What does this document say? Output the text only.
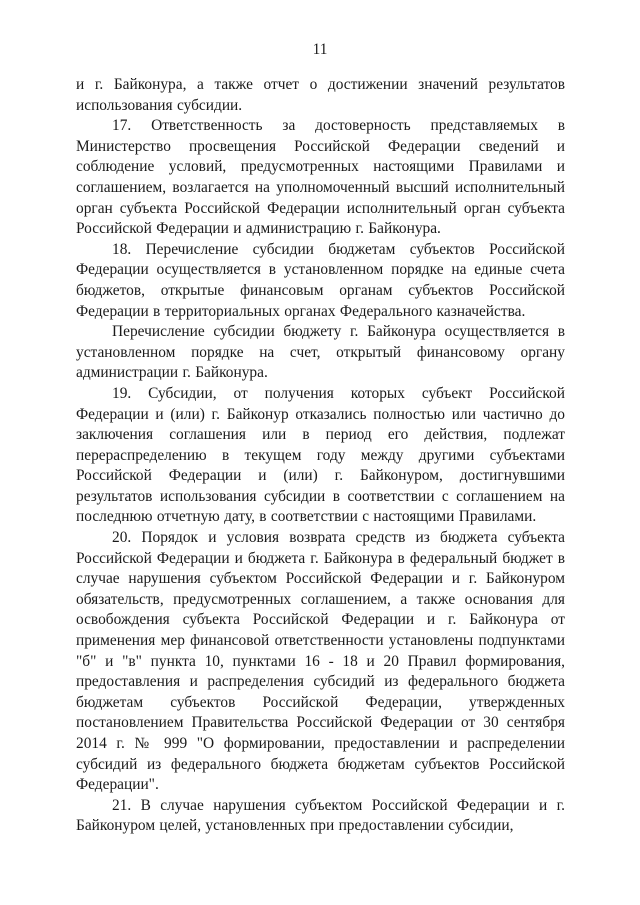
11

и г. Байконура, а также отчет о достижении значений результатов использования субсидии.

17. Ответственность за достоверность представляемых в Министерство просвещения Российской Федерации сведений и соблюдение условий, предусмотренных настоящими Правилами и соглашением, возлагается на уполномоченный высший исполнительный орган субъекта Российской Федерации исполнительный орган субъекта Российской Федерации и администрацию г. Байконура.

18. Перечисление субсидии бюджетам субъектов Российской Федерации осуществляется в установленном порядке на единые счета бюджетов, открытые финансовым органам субъектов Российской Федерации в территориальных органах Федерального казначейства.

Перечисление субсидии бюджету г. Байконура осуществляется в установленном порядке на счет, открытый финансовому органу администрации г. Байконура.

19. Субсидии, от получения которых субъект Российской Федерации и (или) г. Байконур отказались полностью или частично до заключения соглашения или в период его действия, подлежат перераспределению в текущем году между другими субъектами Российской Федерации и (или) г. Байконуром, достигнувшими результатов использования субсидии в соответствии с соглашением на последнюю отчетную дату, в соответствии с настоящими Правилами.

20. Порядок и условия возврата средств из бюджета субъекта Российской Федерации и бюджета г. Байконура в федеральный бюджет в случае нарушения субъектом Российской Федерации и г. Байконуром обязательств, предусмотренных соглашением, а также основания для освобождения субъекта Российской Федерации и г. Байконура от применения мер финансовой ответственности установлены подпунктами "б" и "в" пункта 10, пунктами 16 - 18 и 20 Правил формирования, предоставления и распределения субсидий из федерального бюджета бюджетам субъектов Российской Федерации, утвержденных постановлением Правительства Российской Федерации от 30 сентября 2014 г. № 999 "О формировании, предоставлении и распределении субсидий из федерального бюджета бюджетам субъектов Российской Федерации".

21. В случае нарушения субъектом Российской Федерации и г. Байконуром целей, установленных при предоставлении субсидии,
